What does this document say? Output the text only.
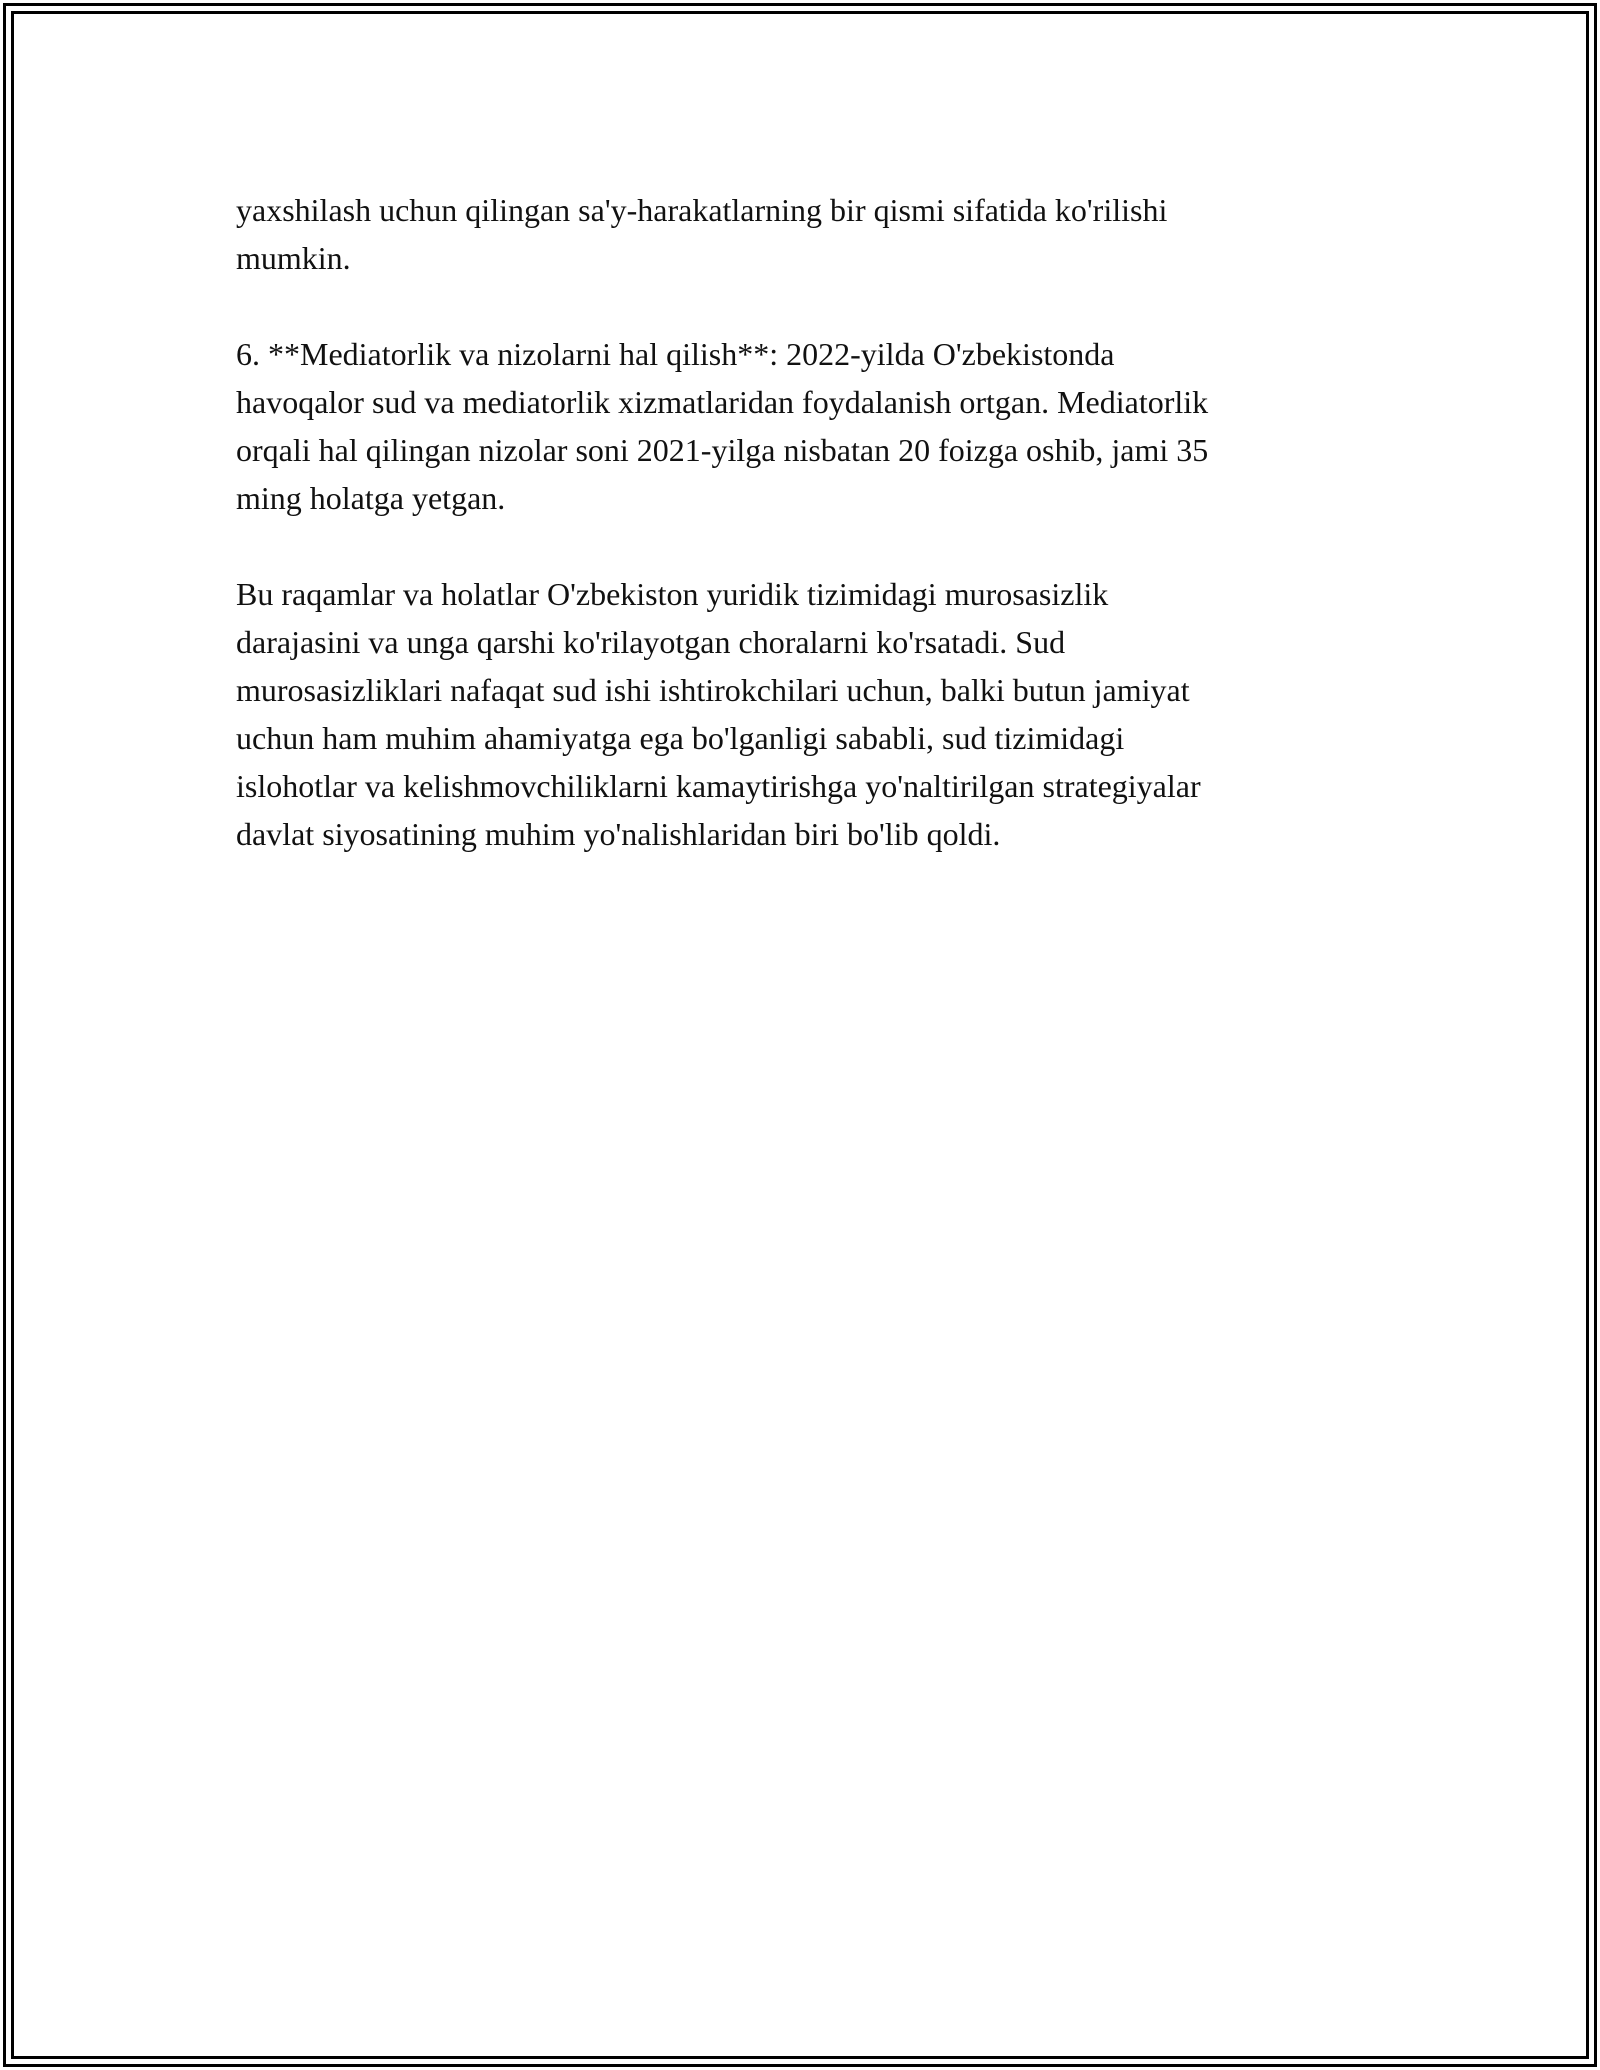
yaxshilash uchun qilingan sa'y-harakatlarning bir qismi sifatida ko'rilishi
mumkin.

6. **Mediatorlik va nizolarni hal qilish**: 2022-yilda O'zbekistonda
havoqalor sud va mediatorlik xizmatlaridan foydalanish ortgan. Mediatorlik
orqali hal qilingan nizolar soni 2021-yilga nisbatan 20 foizga oshib, jami 35
ming holatga yetgan.

Bu raqamlar va holatlar O'zbekiston yuridik tizimidagi murosasizlik
darajasini va unga qarshi ko'rilayotgan choralarni ko'rsatadi. Sud
murosasizliklari nafaqat sud ishi ishtirokchilari uchun, balki butun jamiyat
uchun ham muhim ahamiyatga ega bo'lganligi sababli, sud tizimidagi
islohotlar va kelishmovchiliklarni kamaytirishga yo'naltirilgan strategiyalar
davlat siyosatining muhim yo'nalishlaridan biri bo'lib qoldi.
